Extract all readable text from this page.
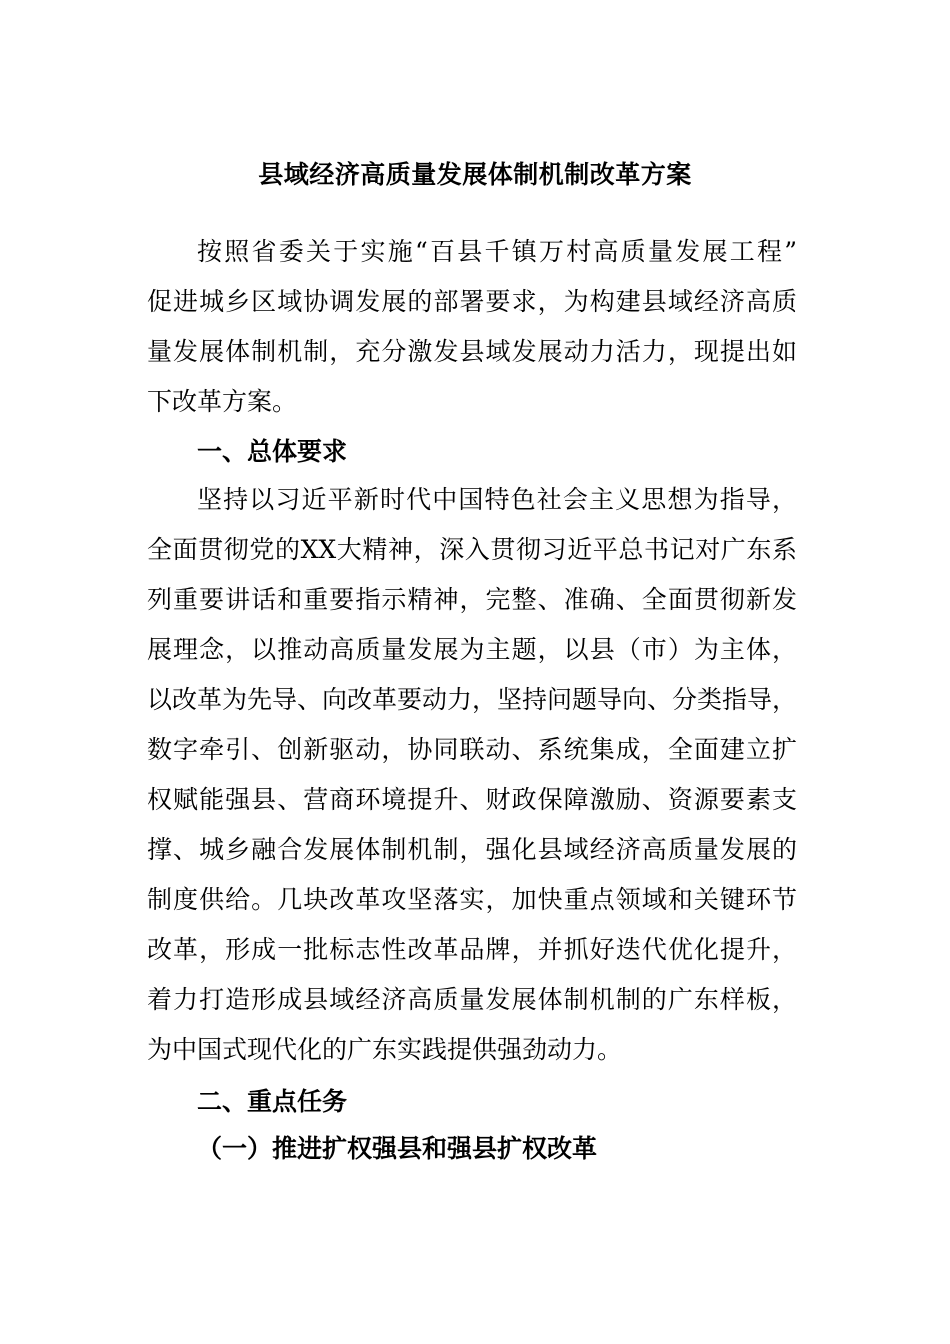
县域经济高质量发展体制机制改革方案
按照省委关于实施“百县千镇万村高质量发展工程”
促进城乡区域协调发展的部署要求，为构建县域经济高质
量发展体制机制，充分激发县域发展动力活力，现提出如
下改革方案。
一、总体要求
坚持以习近平新时代中国特色社会主义思想为指导，
全面贯彻党的XX大精神，深入贯彻习近平总书记对广东系
列重要讲话和重要指示精神，完整、准确、全面贯彻新发
展理念，以推动高质量发展为主题，以县（市）为主体，
以改革为先导、向改革要动力，坚持问题导向、分类指导，
数字牵引、创新驱动，协同联动、系统集成，全面建立扩
权赋能强县、营商环境提升、财政保障激励、资源要素支
撑、城乡融合发展体制机制，强化县域经济高质量发展的
制度供给。几块改革攻坚落实，加快重点领域和关键环节
改革，形成一批标志性改革品牌，并抓好迭代优化提升，
着力打造形成县域经济高质量发展体制机制的广东样板，
为中国式现代化的广东实践提供强劲动力。
二、重点任务
（一）推进扩权强县和强县扩权改革
